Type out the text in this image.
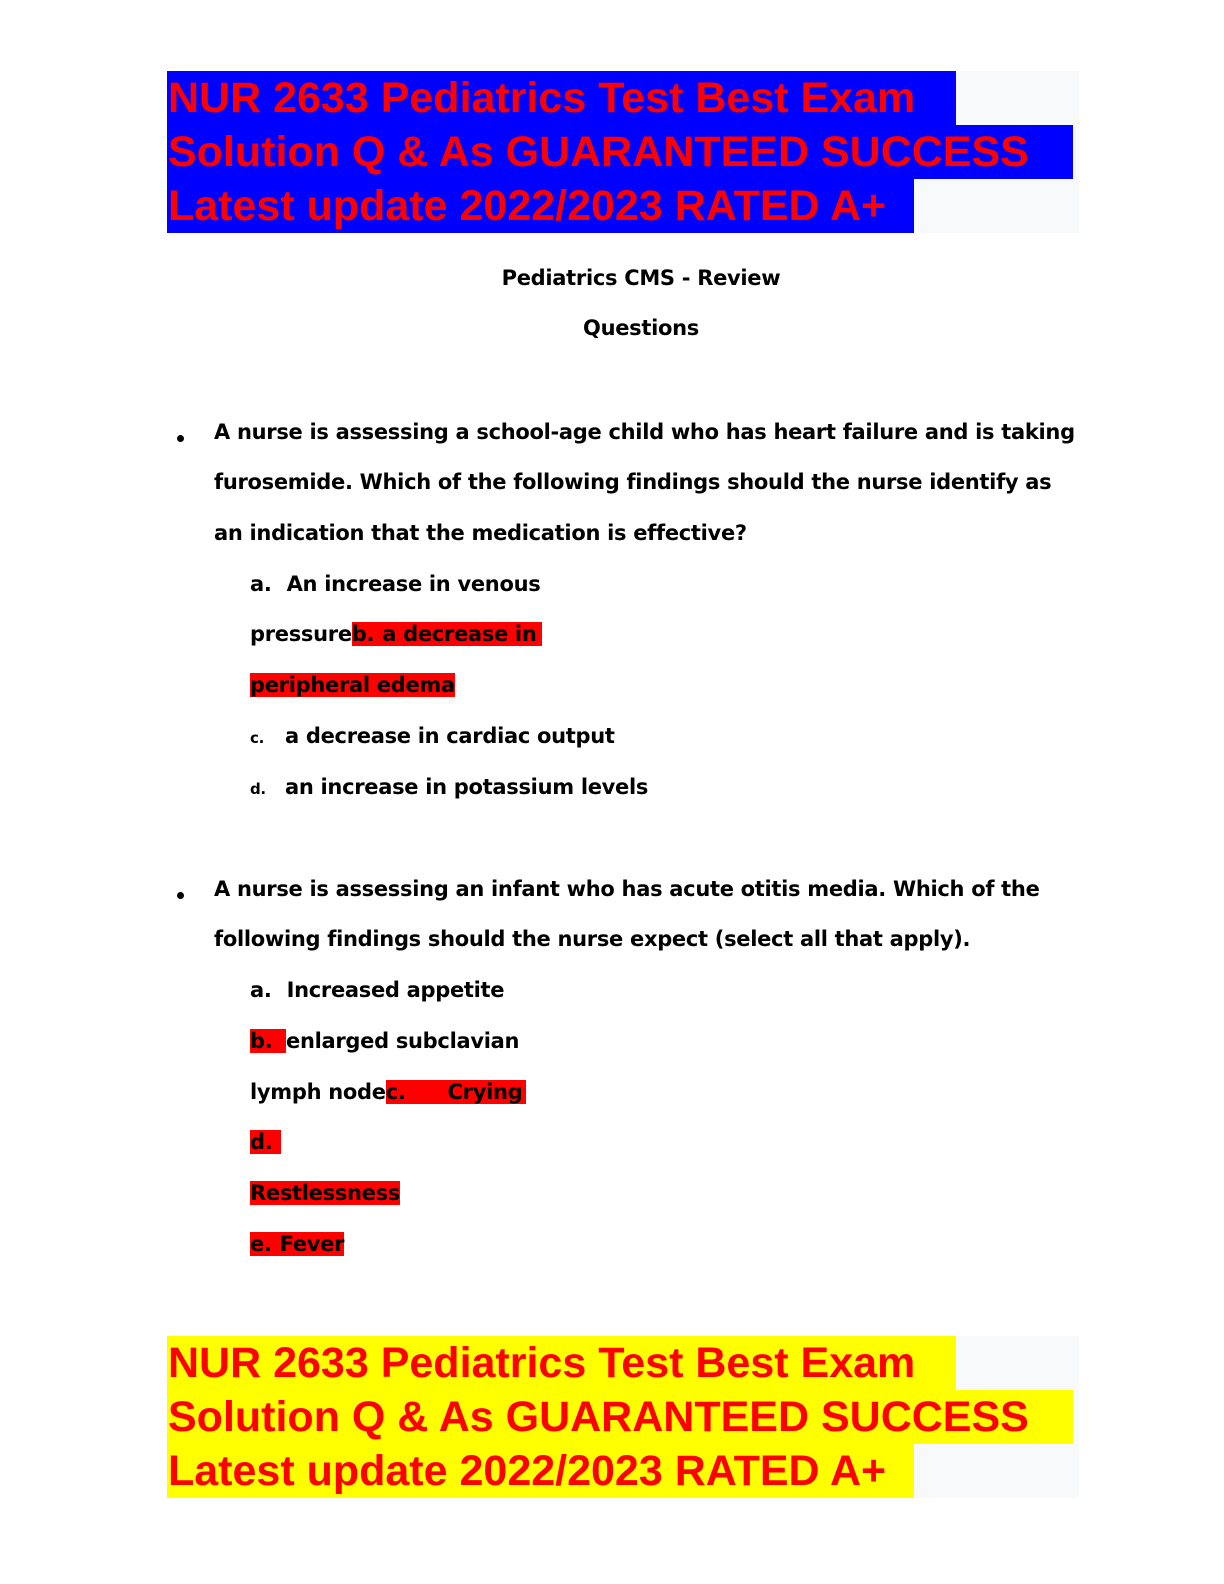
NUR 2633 Pediatrics Test Best Exam
Solution Q & As GUARANTEED SUCCESS
Latest update 2022/2023 RATED A+
Pediatrics CMS - Review
Questions
A nurse is assessing a school-age child who has heart failure and is taking
furosemide. Which of the following findings should the nurse identify as
an indication that the medication is effective?
a. An increase in venous
pressureb. a decrease in
peripheral edema
c. a decrease in cardiac output
d. an increase in potassium levels
A nurse is assessing an infant who has acute otitis media. Which of the
following findings should the nurse expect (select all that apply).
a. Increased appetite
b. enlarged subclavian
lymph nodec. Crying
d.
Restlessness
e. Fever
NUR 2633 Pediatrics Test Best Exam
Solution Q & As GUARANTEED SUCCESS
Latest update 2022/2023 RATED A+
